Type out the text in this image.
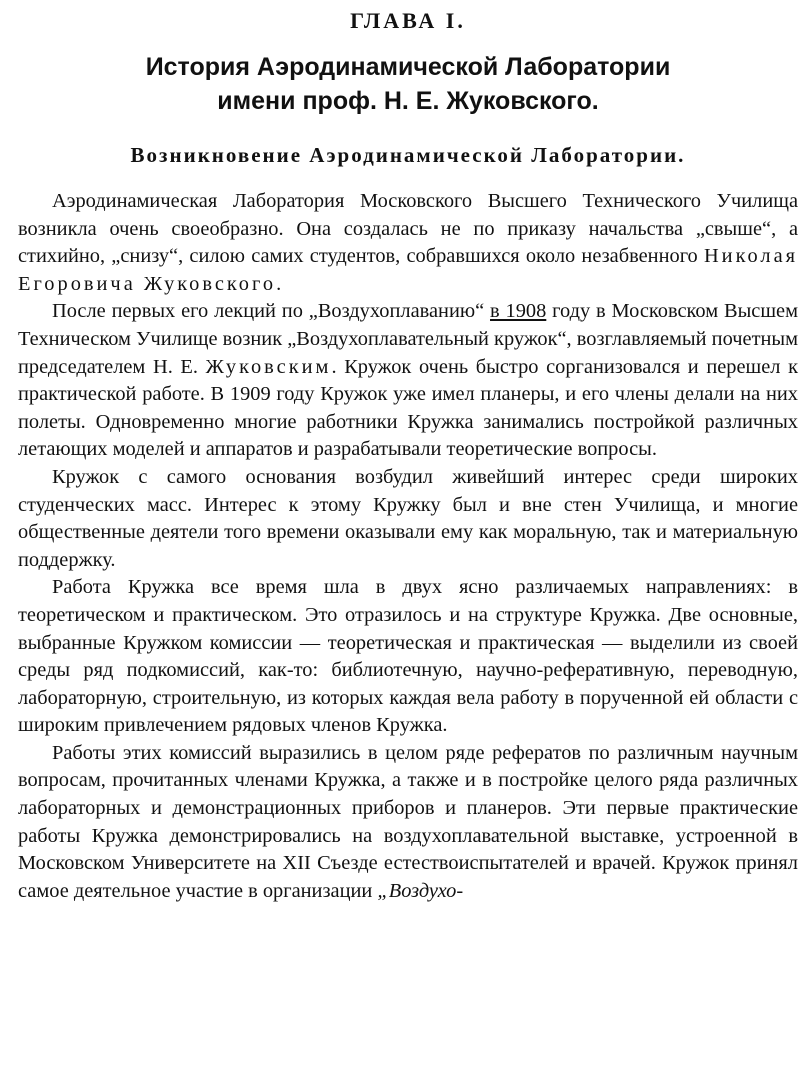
ГЛАВА I.
История Аэродинамической Лаборатории
имени проф. Н. Е. Жуковского.
Возникновение Аэродинамической Лаборатории.

Аэродинамическая Лаборатория Московского Высшего Технического Училища возникла очень своеобразно. Она создалась не по приказу начальства „свыше“, а стихийно, „снизу“, силою самих студентов, собравшихся около незабвенного Николая Егоровича Жуковского.

После первых его лекций по „Воздухоплаванию“ в 1908 году в Московском Высшем Техническом Училище возник „Воздухоплавательный кружок“, возглавляемый почетным председателем Н. Е. Жуковским. Кружок очень быстро сорганизовался и перешел к практической работе. В 1909 году Кружок уже имел планеры, и его члены делали на них полеты. Одновременно многие работники Кружка занимались постройкой различных летающих моделей и аппаратов и разрабатывали теоретические вопросы.

Кружок с самого основания возбудил живейший интерес среди широких студенческих масс. Интерес к этому Кружку был и вне стен Училища, и многие общественные деятели того времени оказывали ему как моральную, так и материальную поддержку.

Работа Кружка все время шла в двух ясно различаемых направлениях: в теоретическом и практическом. Это отразилось и на структуре Кружка. Две основные, выбранные Кружком комиссии — теоретическая и практическая — выделили из своей среды ряд подкомиссий, как-то: библиотечную, научно-реферативную, переводную, лабораторную, строительную, из которых каждая вела работу в порученной ей области с широким привлечением рядовых членов Кружка.

Работы этих комиссий выразились в целом ряде рефератов по различным научным вопросам, прочитанных членами Кружка, а также и в постройке целого ряда различных лабораторных и демонстрационных приборов и планеров. Эти первые практические работы Кружка демонстрировались на воздухоплавательной выставке, устроенной в Московском Университете на XII Съезде естествоиспытателей и врачей. Кружок принял самое деятельное участие в организации „Воздухо-
